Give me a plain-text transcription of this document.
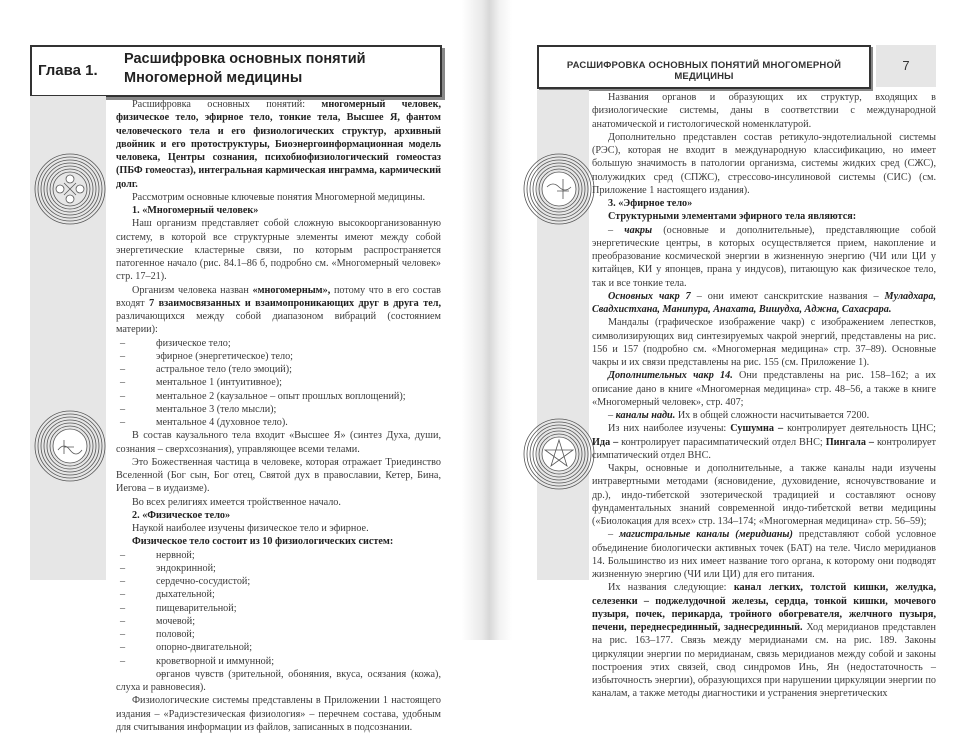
Глава 1.
Расшифровка основных понятий
Многомерной медицины

Расшифровка основных понятий: многомерный человек, физическое тело, эфирное тело, тонкие тела, Высшее Я, фантом человеческого тела и его физиологических структур, архивный двойник и его протоструктуры, Биоэнергоинформационная модель человека, Центры сознания, психобиофизиологический гомеостаз (ПБФ гомеостаз), интегральная кармическая инграмма, кармический долг.

Рассмотрим основные ключевые понятия Многомерной медицины.

1. «Многомерный человек»

Наш организм представляет собой сложную высокоорганизованную систему, в которой все структурные элементы имеют между собой энергетические кластерные связи, по которым распространяется патогенное начало (рис. 84.1–86 б, подробно см. «Многомерный человек» стр. 17–21).

Организм человека назван «многомерным», потому что в его состав входят 7 взаимосвязанных и взаимопроникающих друг в друга тел, различающихся между собой диапазоном вибраций (состоянием материи):

– физическое тело;

– эфирное (энергетическое) тело;

– астральное тело (тело эмоций);

– ментальное 1 (интуитивное);

– ментальное 2 (каузальное – опыт прошлых воплощений);

– ментальное 3 (тело мысли);

– ментальное 4 (духовное тело).

В состав каузального тела входит «Высшее Я» (синтез Духа, души, сознания – сверхсознания), управляющее всеми телами.

Это Божественная частица в человеке, которая отражает Триединство Вселенной (Бог сын, Бог отец, Святой дух в православии, Кетер, Бина, Иегова – в иудаизме).

Во всех религиях имеется тройственное начало.

2. «Физическое тело»

Наукой наиболее изучены физическое тело и эфирное.

Физическое тело состоит из 10 физиологических систем:

– нервной;

– эндокринной;

– сердечно-сосудистой;

– дыхательной;

– пищеварительной;

– мочевой;

– половой;

– опорно-двигательной;

– кроветворной и иммунной;

– органов чувств (зрительной, обоняния, вкуса, осязания (кожа), слуха и равновесия).

Физиологические системы представлены в Приложении 1 настоящего издания – «Радиэстезическая физиология» – перечнем состава, удобным для считывания информации из файлов, записанных в подсознании.

РАСШИФРОВКА ОСНОВНЫХ ПОНЯТИЙ МНОГОМЕРНОЙ МЕДИЦИНЫ
7

Названия органов и образующих их структур, входящих в физиологические системы, даны в соответствии с международной анатомической и гистологической номенклатурой.

Дополнительно представлен состав ретикуло-эндотелиальной системы (РЭС), которая не входит в международную классификацию, но имеет большую значимость в патологии организма, системы жидких сред (СЖС), полужидких сред (СПЖС), стрессово-инсулиновой системы (СИС) (см. Приложение 1 настоящего издания).

3. «Эфирное тело»

Структурными элементами эфирного тела являются:

– чакры (основные и дополнительные), представляющие собой энергетические центры, в которых осуществляется прием, накопление и преобразование космической энергии в жизненную энергию (ЧИ или ЦИ у китайцев, КИ у японцев, прана у индусов), питающую как физическое тело, так и все тонкие тела.

Основных чакр 7 – они имеют санскритские названия – Муладхара, Свадхистхана, Манипура, Анахата, Вишудха, Аджна, Сахасрара.

Мандалы (графическое изображение чакр) с изображением лепестков, символизирующих вид синтезируемых чакрой энергий, представлены на рис. 156 и 157 (подробно см. «Многомерная медицина» стр. 37–89). Основные чакры и их связи представлены на рис. 155 (см. Приложение 1).

Дополнительных чакр 14. Они представлены на рис. 158–162; а их описание дано в книге «Многомерная медицина» стр. 48–56, а также в книге «Многомерный человек», стр. 407;

– каналы нади. Их в общей сложности насчитывается 7200.

Из них наиболее изучены: Сушумна – контролирует деятельность ЦНС; Ида – контролирует парасимпатический отдел ВНС; Пингала – контролирует симпатический отдел ВНС.

Чакры, основные и дополнительные, а также каналы нади изучены интравертными методами (ясновидение, духовидение, ясночувствование и др.), индо-тибетской эзотерической традицией и составляют основу фундаментальных знаний современной индо-тибетской ветви медицины («Биолокация для всех» стр. 134–174; «Многомерная медицина» стр. 56–59);

– магистральные каналы (меридианы) представляют собой условное объединение биологически активных точек (БАТ) на теле. Число меридианов 14. Большинство из них имеет название того органа, к которому они подводят жизненную энергию (ЧИ или ЦИ) для его питания.

Их названия следующие: канал легких, толстой кишки, желудка, селезенки – поджелудочной железы, сердца, тонкой кишки, мочевого пузыря, почек, перикарда, тройного обогревателя, желчного пузыря, печени, переднесрединный, заднесрединный. Ход меридианов представлен на рис. 163–177. Связь между меридианами см. на рис. 189. Законы циркуляции энергии по меридианам, связь меридианов между собой и законы построения этих связей, свод синдромов Инь, Ян (недостаточность – избыточность энергии), образующихся при нарушении циркуляции энергии по каналам, а также методы диагностики и устранения энергетических
